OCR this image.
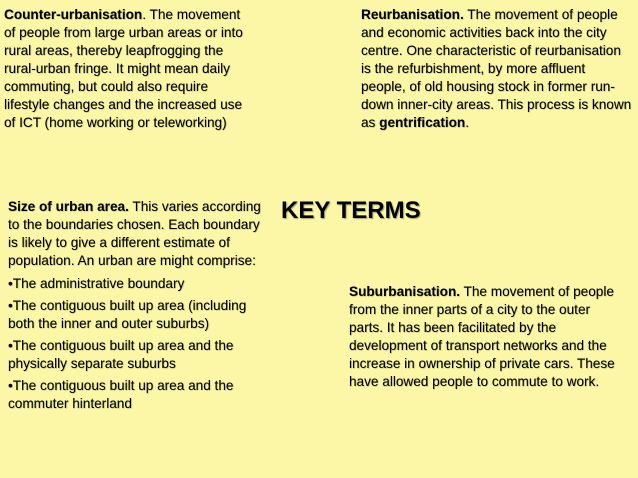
Counter-urbanisation. The movement of people from large urban areas or into rural areas, thereby leapfrogging the rural-urban fringe. It might mean daily commuting, but could also require lifestyle changes and the increased use of ICT (home working or teleworking)
Reurbanisation. The movement of people and economic activities back into the city centre. One characteristic of reurbanisation is the refurbishment, by more affluent people, of old housing stock in former run-down inner-city areas. This process is known as gentrification.
KEY TERMS
Size of urban area. This varies according to the boundaries chosen. Each boundary is likely to give a different estimate of population. An urban are might comprise:
•The administrative boundary
•The contiguous built up area (including both the inner and outer suburbs)
•The contiguous built up area and the physically separate suburbs
•The contiguous built up area and the commuter hinterland
Suburbanisation. The movement of people from the inner parts of a city to the outer parts. It has been facilitated by the development of transport networks and the increase in ownership of private cars. These have allowed people to commute to work.
